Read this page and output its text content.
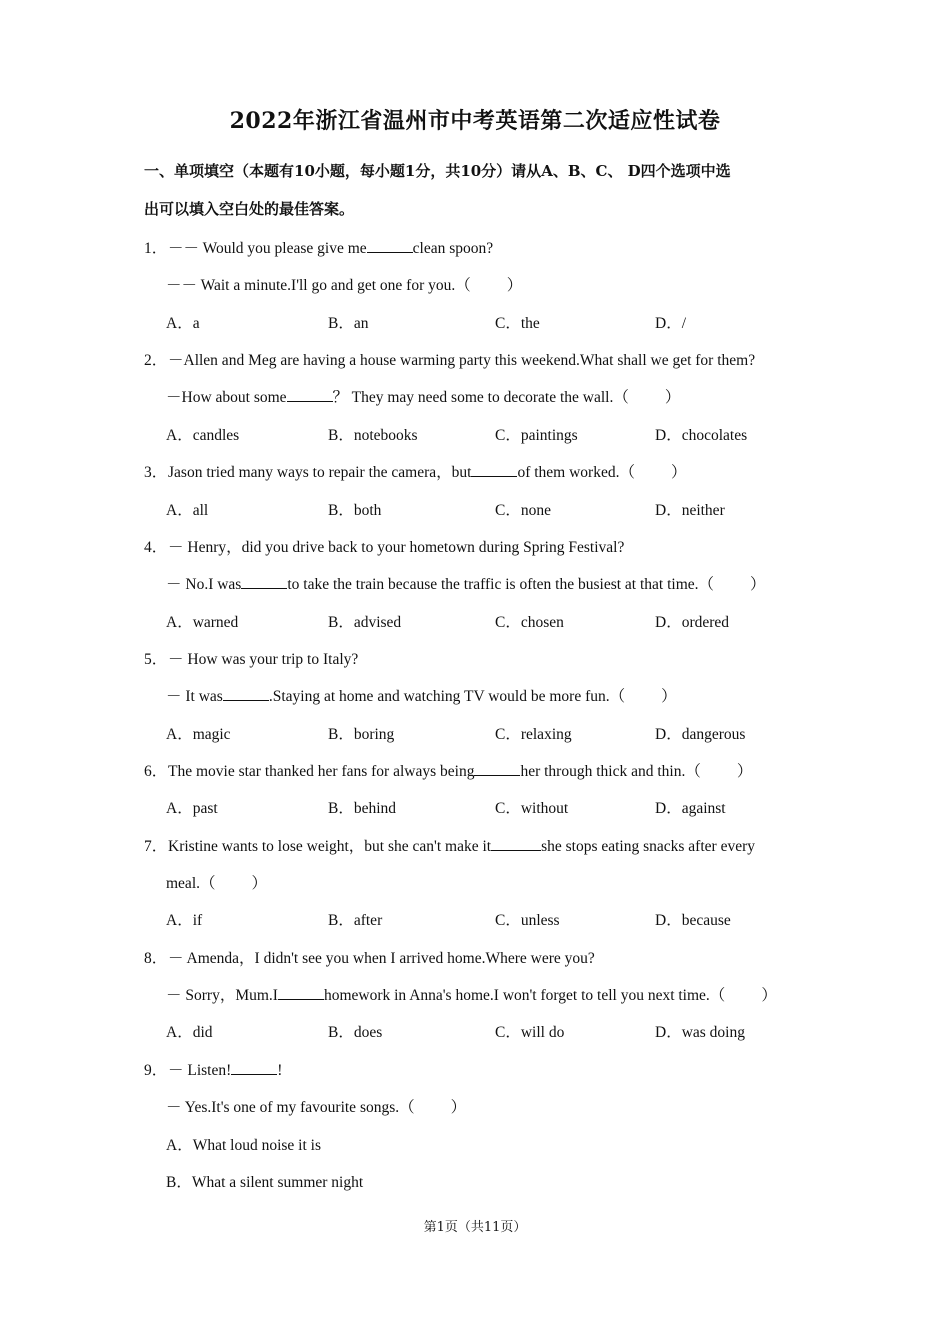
2022年浙江省温州市中考英语第二次适应性试卷
一、单项填空（本题有10小题，每小题1分，共10分）请从A、B、C、 D四个选项中选
出可以填入空白处的最佳答案。
1．－－ Would you please give me	clean spoon?
－－ Wait a minute.I'll go and get one for you.（ ）
A．a	B．an	C．the	D．/
2．－Allen and Meg are having a house warming party this weekend.What shall we get for them?
－How about some	？ They may need some to decorate the wall.（ ）
A．candles	B．notebooks	C．paintings	D．chocolates
3．Jason tried many ways to repair the camera，but	of them worked.（ ）
A．all	B．both	C．none	D．neither
4．－ Henry，did you drive back to your hometown during Spring Festival?
－ No.I was	to take the train because the traffic is often the busiest at that time.（ ）
A．warned	B．advised	C．chosen	D．ordered
5．－ How was your trip to Italy?
－ It was	.Staying at home and watching TV would be more fun.（ ）
A．magic	B．boring	C．relaxing	D．dangerous
6．The movie star thanked her fans for always being	her through thick and thin.（ ）
A．past	B．behind	C．without	D．against
7．Kristine wants to lose weight，but she can't make it	she stops eating snacks after every
meal.（ ）
A．if	B．after	C．unless	D．because
8．－ Amenda，I didn't see you when I arrived home.Where were you?
－ Sorry，Mum.I	homework in Anna's home.I won't forget to tell you next time.（ ）
A．did	B．does	C．will do	D．was doing
9．－ Listen!	!
－ Yes.It's one of my favourite songs.（ ）
A．What loud noise it is
B．What a silent summer night
第1页（共11页）
